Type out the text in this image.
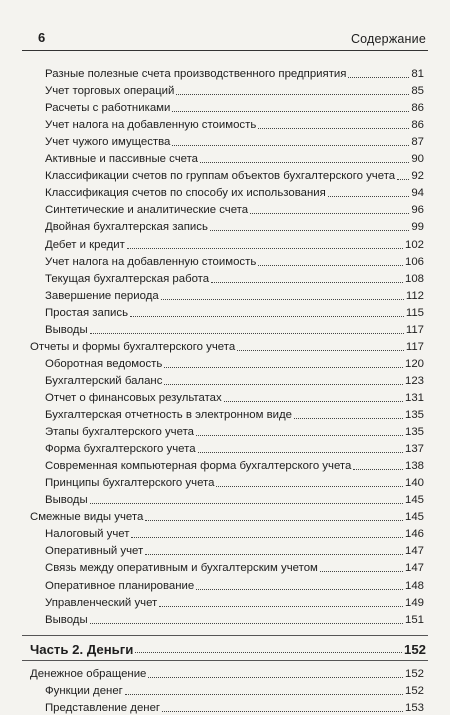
6	Содержание
Разные полезные счета производственного предприятия	81
Учет торговых операций	85
Расчеты с работниками	86
Учет налога на добавленную стоимость	86
Учет чужого имущества	87
Активные и пассивные счета	90
Классификации счетов по группам объектов бухгалтерского учета 92
Классификация счетов по способу их использования	94
Синтетические и аналитические счета	96
Двойная бухгалтерская запись	99
Дебет и кредит	102
Учет налога на добавленную стоимость	106
Текущая бухгалтерская работа	108
Завершение периода	112
Простая запись	115
Выводы	117
Отчеты и формы бухгалтерского учета	117
Оборотная ведомость	120
Бухгалтерский баланс	123
Отчет о финансовых результатах	131
Бухгалтерская отчетность в электронном виде	135
Этапы бухгалтерского учета	135
Форма бухгалтерского учета	137
Современная компьютерная форма бухгалтерского учета	138
Принципы бухгалтерского учета	140
Выводы	145
Смежные виды учета	145
Налоговый учет	146
Оперативный учет	147
Связь между оперативным и бухгалтерским учетом	147
Оперативное планирование	148
Управленческий учет	149
Выводы	151
Часть 2. Деньги	152
Денежное обращение	152
Функции денег	152
Представление денег	153
